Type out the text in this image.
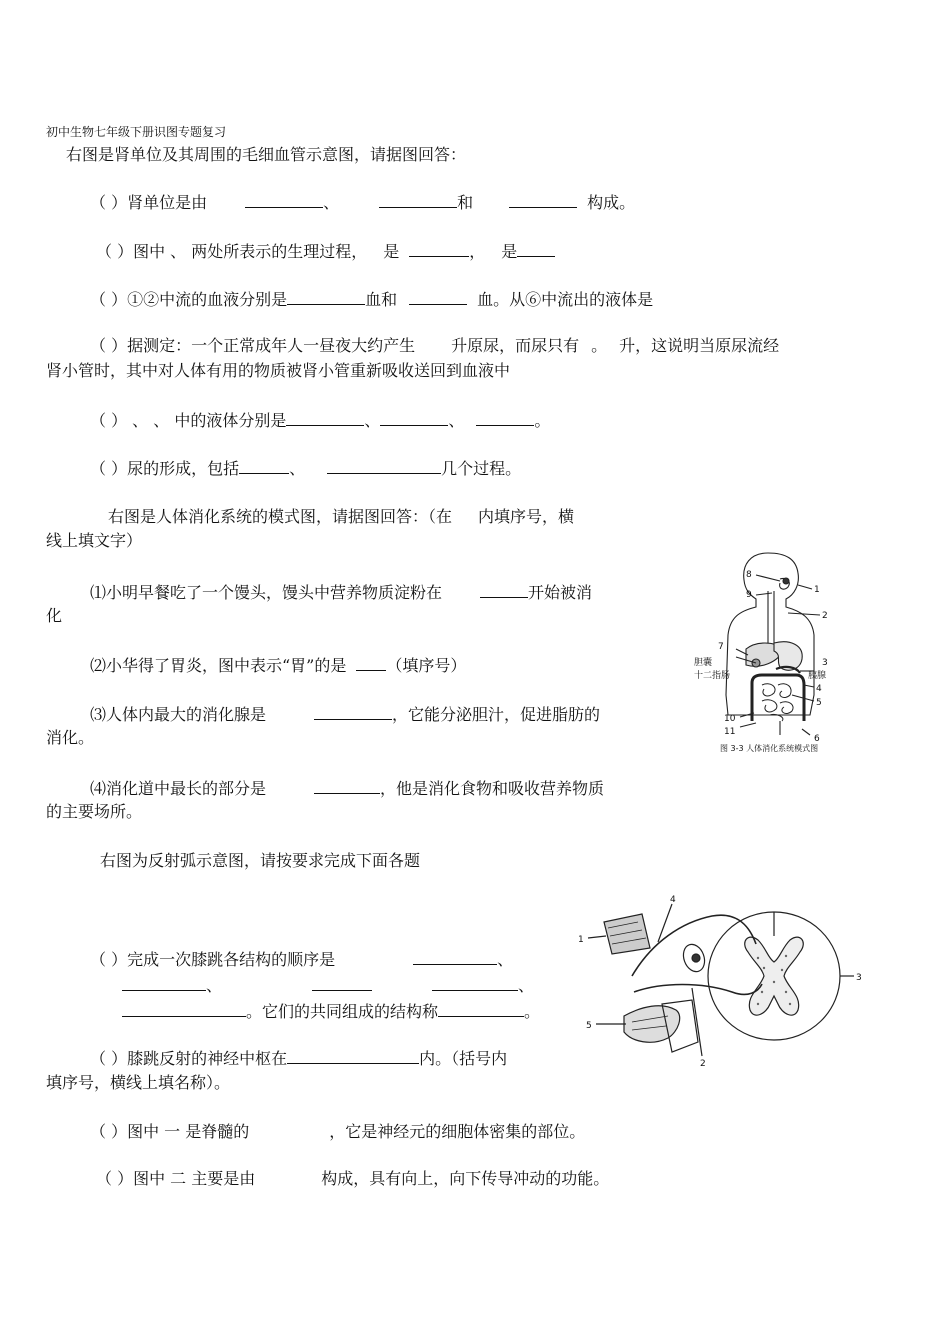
初中生物七年级下册识图专题复习
右图是肾单位及其周围的毛细血管示意图，请据图回答：
（ ）肾单位是由	、	和	构成。
（ ）图中 、 两处所表示的生理过程， 是	， 是
（ ）①②中流的血液分别是	血和	血。从⑥中流出的液体是
（ ）据测定：一个正常成年人一昼夜大约产生 升原尿，而尿只有 。 升，这说明当原尿流经
肾小管时，其中对人体有用的物质被肾小管重新吸收送回到血液中
（ ） 、 、 中的液体分别是	、	、	。
（ ）尿的形成，包括	、	几个过程。
右图是人体消化系统的模式图，请据图回答：（在 内填序号，横
线上填文字）
⑴小明早餐吃了一个馒头，馒头中营养物质淀粉在	开始被消
化
⑵小华得了胃炎，图中表示“胃”的是	（填序号）
⑶人体内最大的消化腺是	，它能分泌胆汁，促进脂肪的
消化。
⑷消化道中最长的部分是	，他是消化食物和吸收营养物质
的主要场所。
8
9	1
2
7
胆囊
十二指肠	胰腺
3
4
5
10
11
6
图 3-3 人体消化系统模式图
右图为反射弧示意图，请按要求完成下面各题
（ ）完成一次膝跳各结构的顺序是	、
、	、
。它们的共同组成的结构称	。
（ ）膝跳反射的神经中枢在	内。（括号内
填序号，横线上填名称）。
（ ）图中 一 是脊髓的	，它是神经元的细胞体密集的部位。
（ ）图中 二 主要是由	构成，具有向上，向下传导冲动的功能。
4
1
3
5
2
